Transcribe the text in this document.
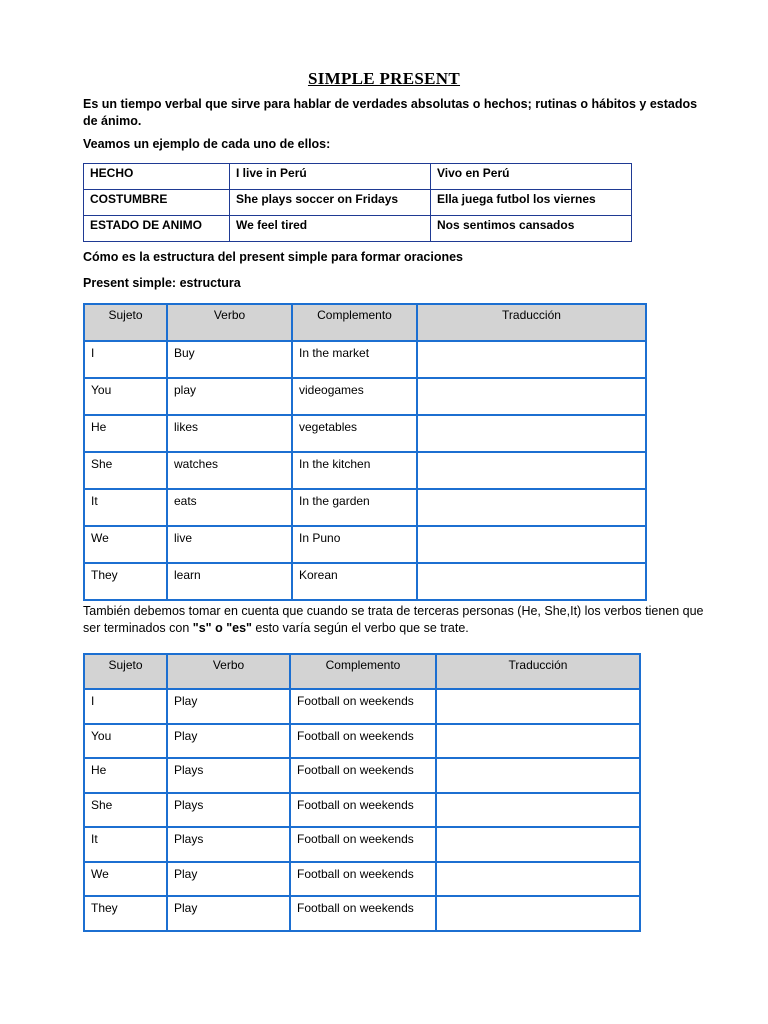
SIMPLE PRESENT
Es un tiempo verbal que sirve para hablar de verdades absolutas o hechos; rutinas o hábitos y estados de ánimo.
Veamos un ejemplo de cada uno de ellos:
HECHO	I live in Perú	Vivo en Perú
COSTUMBRE	She plays soccer on Fridays	Ella juega futbol los viernes
ESTADO DE ANIMO	We feel tired	Nos sentimos cansados
Cómo es la estructura del present simple para formar oraciones
Present simple: estructura
Sujeto	Verbo	Complemento	Traducción
I	Buy	In the market	
You	play	videogames	
He	likes	vegetables	
She	watches	In the kitchen	
It	eats	In the garden	
We	live	In Puno	
They	learn	Korean	
También debemos tomar en cuenta que cuando se trata de terceras personas (He, She,It) los verbos tienen que ser terminados con "s" o "es" esto varía según el verbo que se trate.
Sujeto	Verbo	Complemento	Traducción
I	Play	Football on weekends	
You	Play	Football on weekends	
He	Plays	Football on weekends	
She	Plays	Football on weekends	
It	Plays	Football on weekends	
We	Play	Football on weekends	
They	Play	Football on weekends	
